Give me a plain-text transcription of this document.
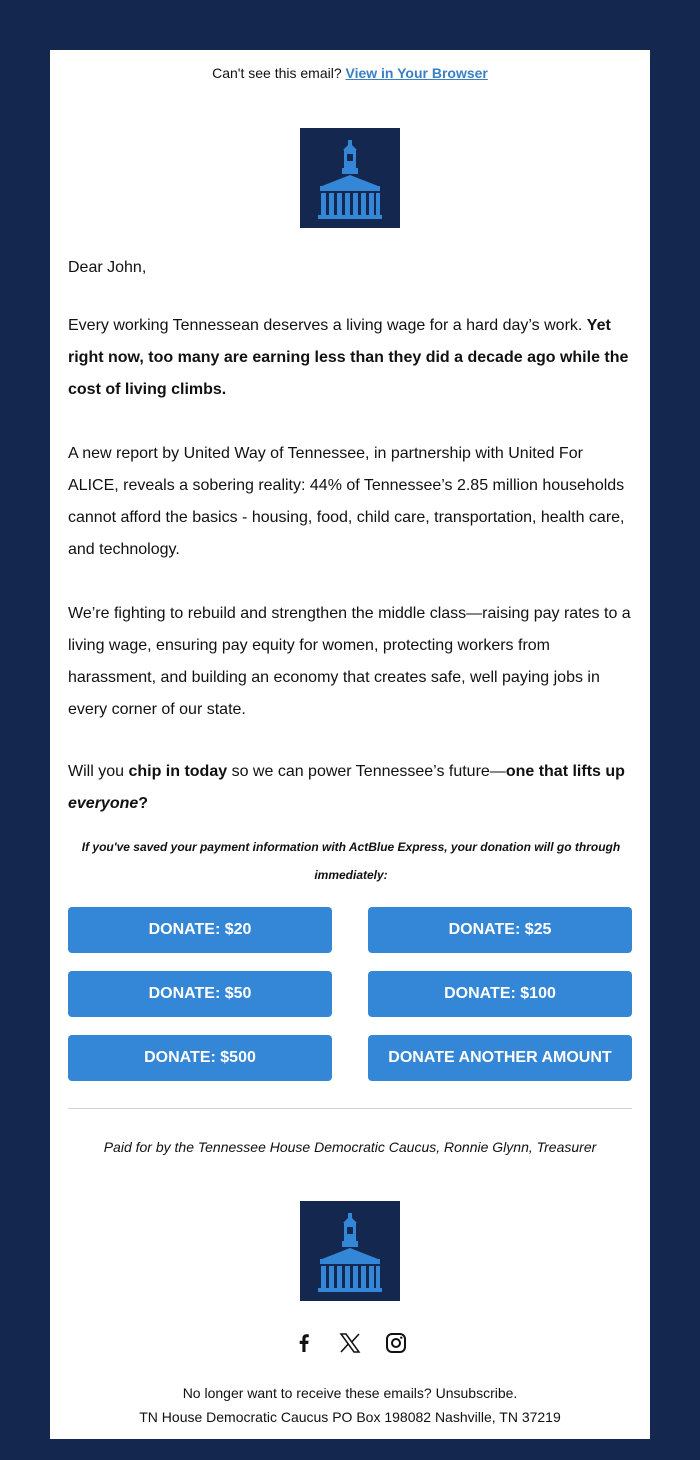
Can't see this email? View in Your Browser

Dear John,

Every working Tennessean deserves a living wage for a hard day’s work. Yet right now, too many are earning less than they did a decade ago while the cost of living climbs.

A new report by United Way of Tennessee, in partnership with United For ALICE, reveals a sobering reality: 44% of Tennessee’s 2.85 million households cannot afford the basics - housing, food, child care, transportation, health care, and technology.

We’re fighting to rebuild and strengthen the middle class—raising pay rates to a living wage, ensuring pay equity for women, protecting workers from harassment, and building an economy that creates safe, well paying jobs in every corner of our state.

Will you chip in today so we can power Tennessee’s future—one that lifts up everyone?

If you've saved your payment information with ActBlue Express, your donation will go through immediately:

DONATE: $20	DONATE: $25
DONATE: $50	DONATE: $100
DONATE: $500	DONATE ANOTHER AMOUNT

Paid for by the Tennessee House Democratic Caucus, Ronnie Glynn, Treasurer

No longer want to receive these emails? Unsubscribe.

TN House Democratic Caucus PO Box 198082 Nashville, TN 37219
